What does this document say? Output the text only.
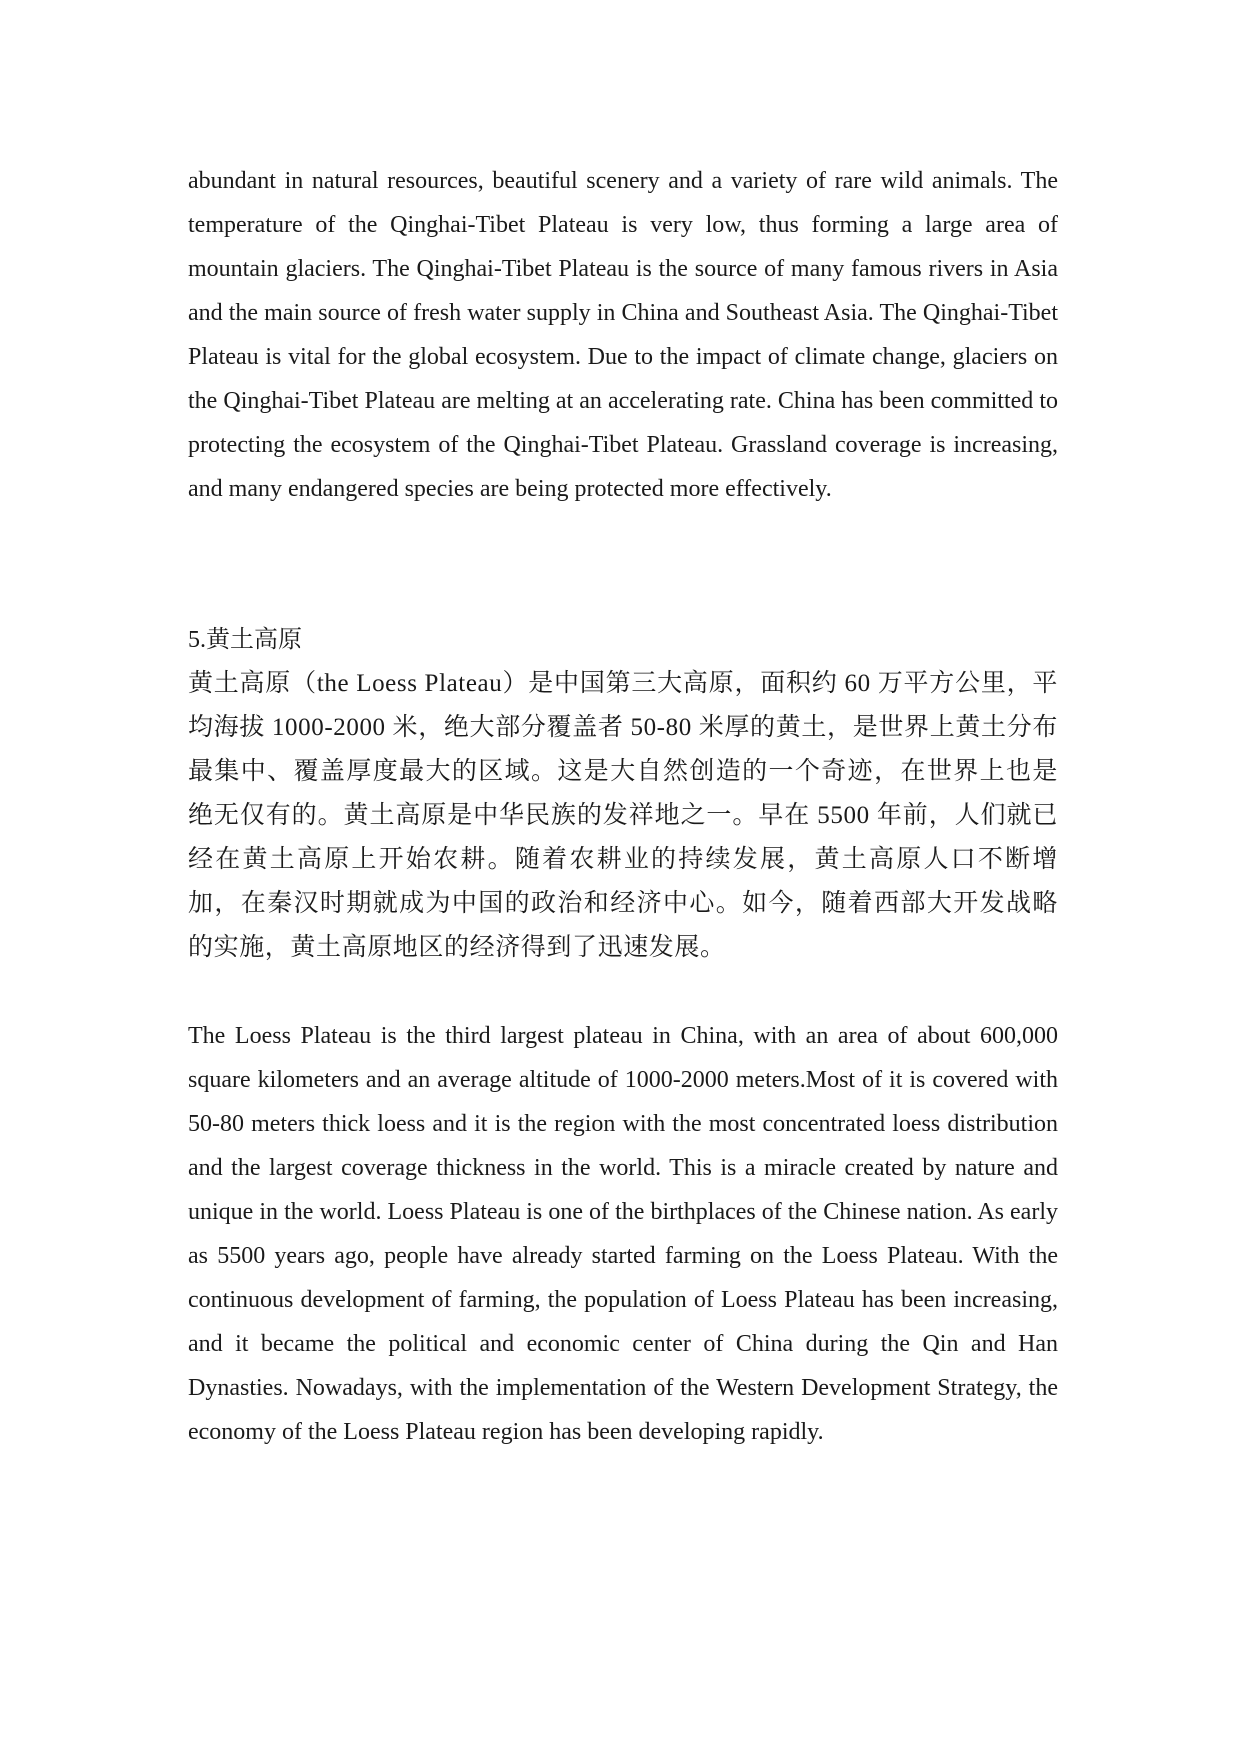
abundant in natural resources, beautiful scenery and a variety of rare wild animals. The temperature of the Qinghai-Tibet Plateau is very low, thus forming a large area of mountain glaciers. The Qinghai-Tibet Plateau is the source of many famous rivers in Asia and the main source of fresh water supply in China and Southeast Asia. The Qinghai-Tibet Plateau is vital for the global ecosystem. Due to the impact of climate change, glaciers on the Qinghai-Tibet Plateau are melting at an accelerating rate. China has been committed to protecting the ecosystem of the Qinghai-Tibet Plateau. Grassland coverage is increasing, and many endangered species are being protected more effectively.

5.黄土高原

黄土高原（the Loess Plateau）是中国第三大高原，面积约 60 万平方公里，平均海拔 1000-2000 米，绝大部分覆盖者 50-80 米厚的黄土，是世界上黄土分布最集中、覆盖厚度最大的区域。这是大自然创造的一个奇迹，在世界上也是绝无仅有的。黄土高原是中华民族的发祥地之一。早在 5500 年前，人们就已经在黄土高原上开始农耕。随着农耕业的持续发展，黄土高原人口不断增加，在秦汉时期就成为中国的政治和经济中心。如今，随着西部大开发战略的实施，黄土高原地区的经济得到了迅速发展。

The Loess Plateau is the third largest plateau in China, with an area of about 600,000 square kilometers and an average altitude of 1000-2000 meters.Most of it is covered with 50-80 meters thick loess and it is the region with the most concentrated loess distribution and the largest coverage thickness in the world. This is a miracle created by nature and unique in the world. Loess Plateau is one of the birthplaces of the Chinese nation. As early as 5500 years ago, people have already started farming on the Loess Plateau. With the continuous development of farming, the population of Loess Plateau has been increasing, and it became the political and economic center of China during the Qin and Han Dynasties. Nowadays, with the implementation of the Western Development Strategy, the economy of the Loess Plateau region has been developing rapidly.
